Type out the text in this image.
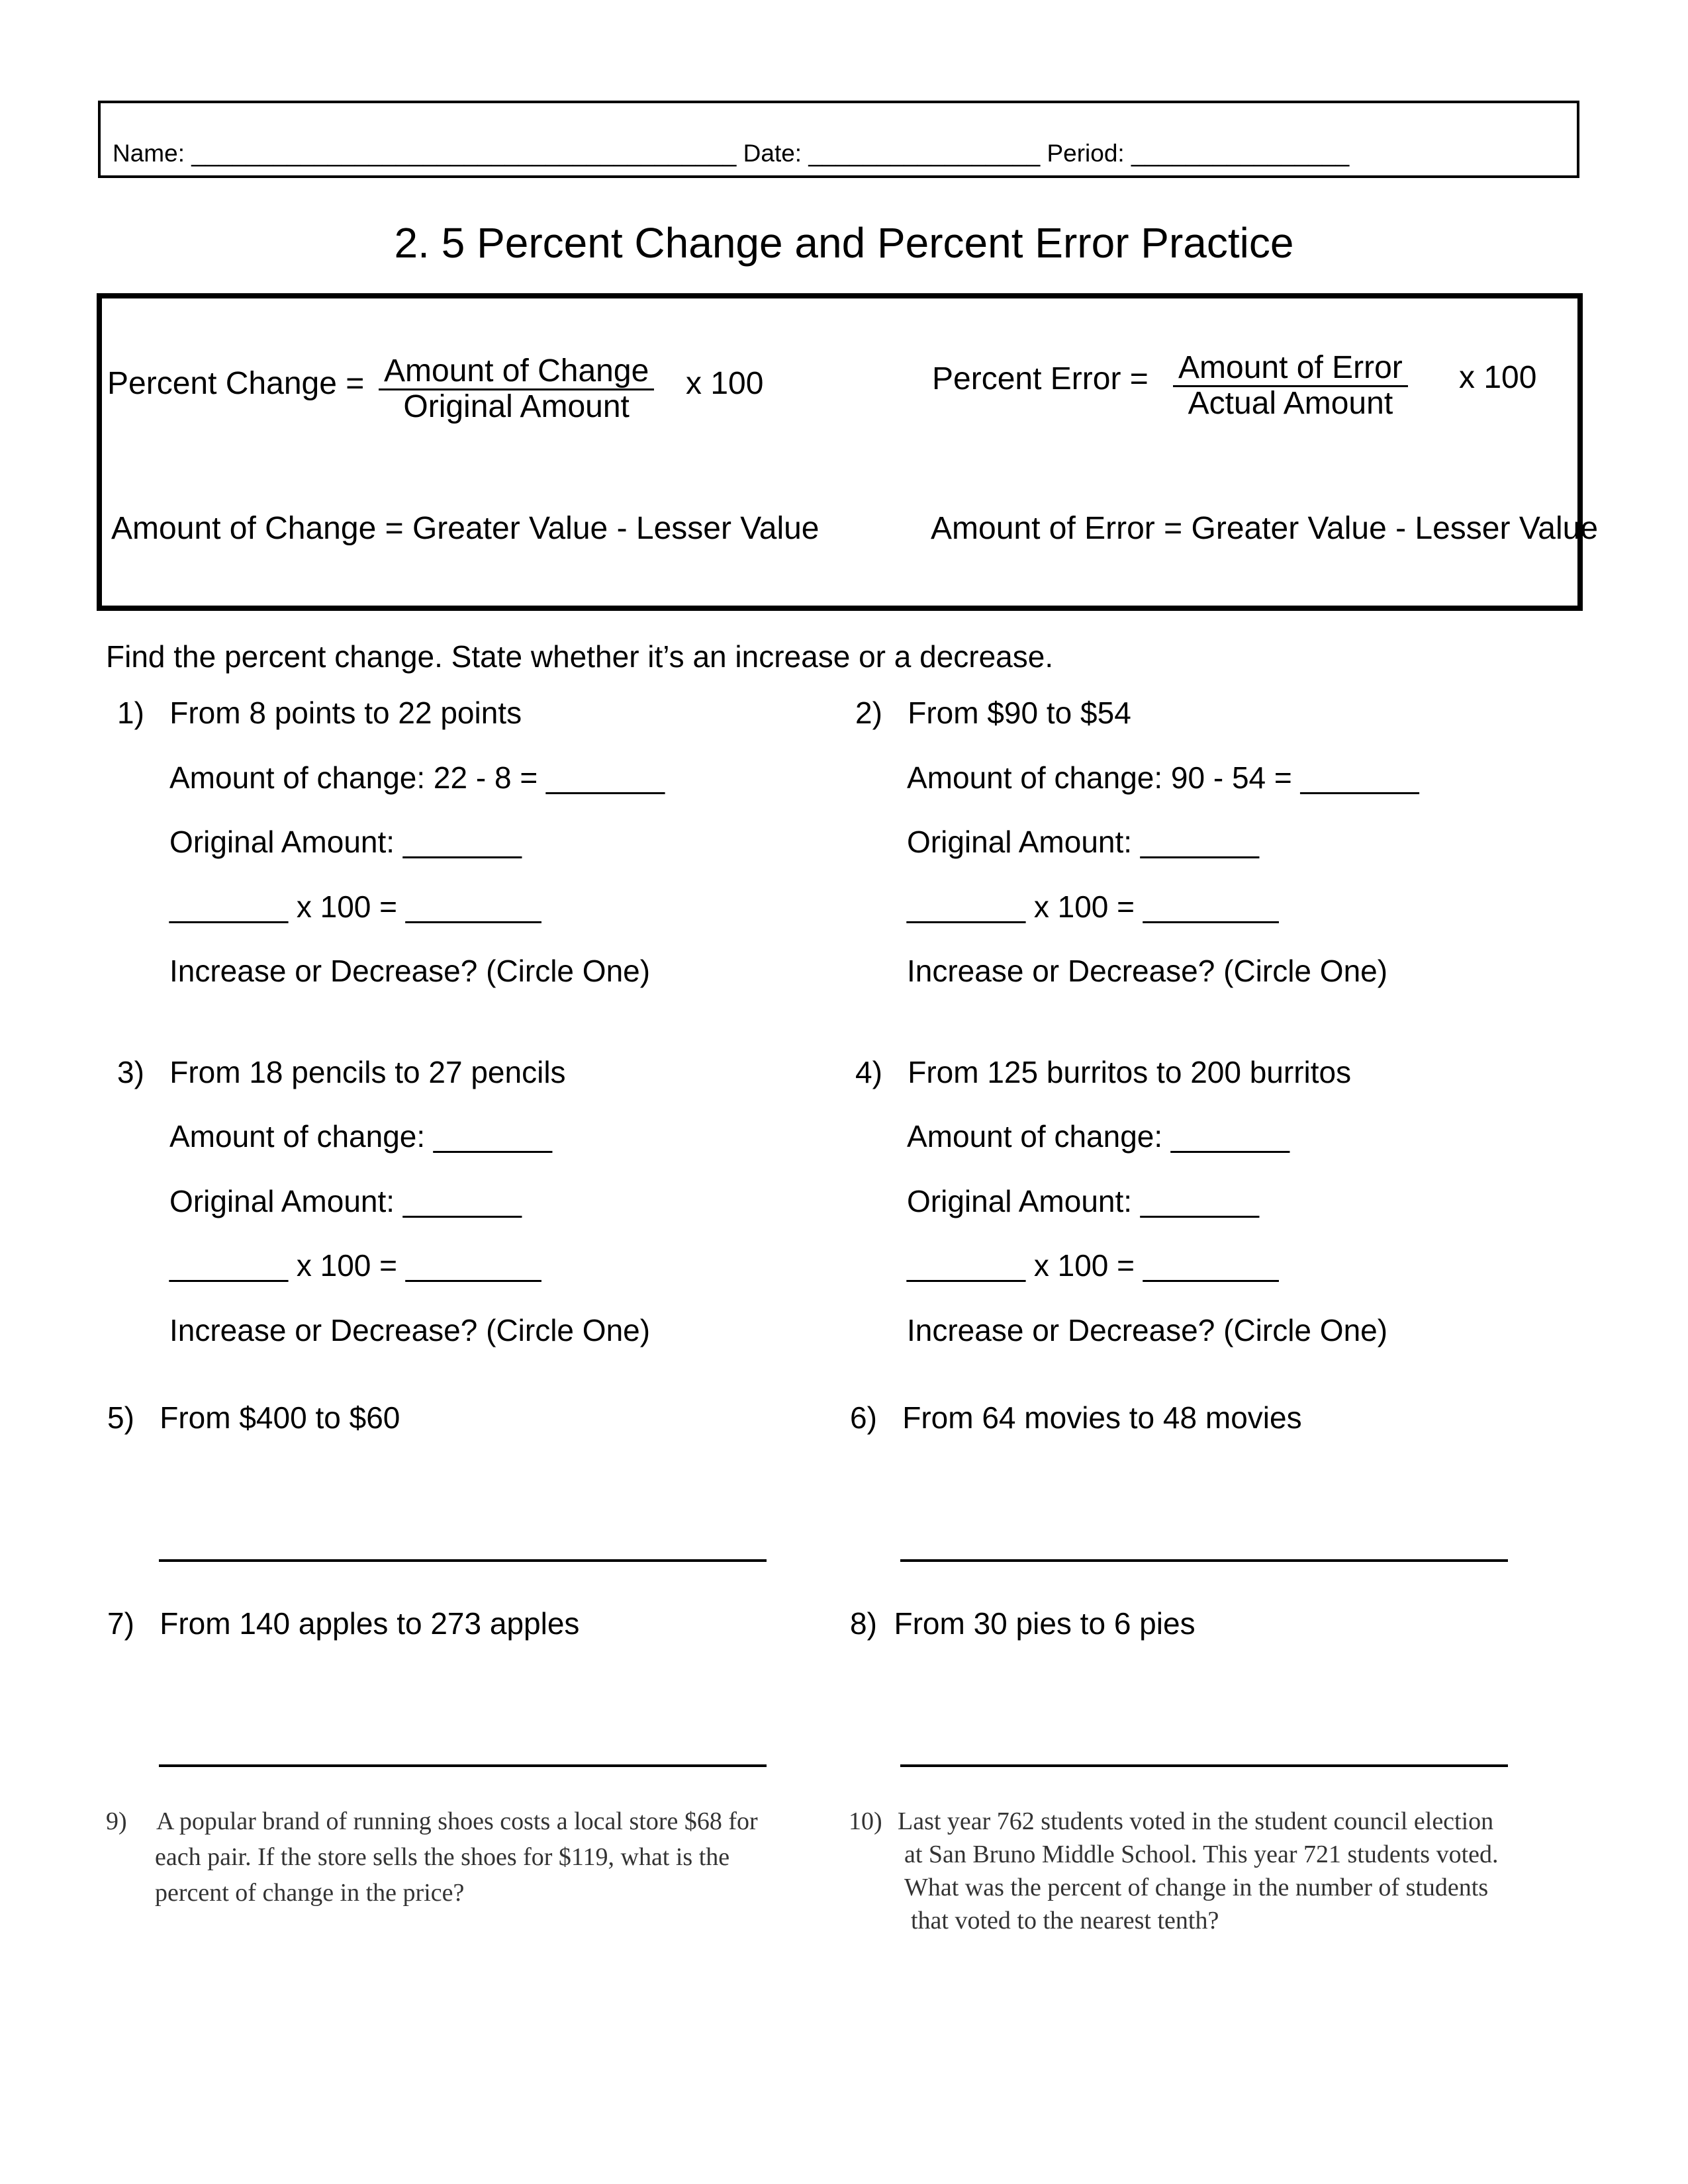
Name: ________________________________________ Date: _________________ Period: ________________
2. 5 Percent Change and Percent Error Practice
Percent Change = Amount of Change
Original Amount
x 100	Percent Error = Amount of Error
Actual Amount
x 100
Amount of Change = Greater Value - Lesser Value	Amount of Error = Greater Value - Lesser Value
Find the percent change. State whether it’s an increase or a decrease.
1) From 8 points to 22 points
Amount of change: 22 - 8 = _______
Original Amount: _______
_______ x 100 = ________
Increase or Decrease? (Circle One)
2) From $90 to $54
Amount of change: 90 - 54 = _______
Original Amount: _______
_______ x 100 = ________
Increase or Decrease? (Circle One)
3) From 18 pencils to 27 pencils
Amount of change: _______
Original Amount: _______
_______ x 100 = ________
Increase or Decrease? (Circle One)
4) From 125 burritos to 200 burritos
Amount of change: _______
Original Amount: _______
_______ x 100 = ________
Increase or Decrease? (Circle One)
5) From $400 to $60	6) From 64 movies to 48 movies
7) From 140 apples to 273 apples	8) From 30 pies to 6 pies
9) A popular brand of running shoes costs a local store $68 for
each pair. If the store sells the shoes for $119, what is the
percent of change in the price?
10) Last year 762 students voted in the student council election
at San Bruno Middle School. This year 721 students voted.
What was the percent of change in the number of students
that voted to the nearest tenth?
